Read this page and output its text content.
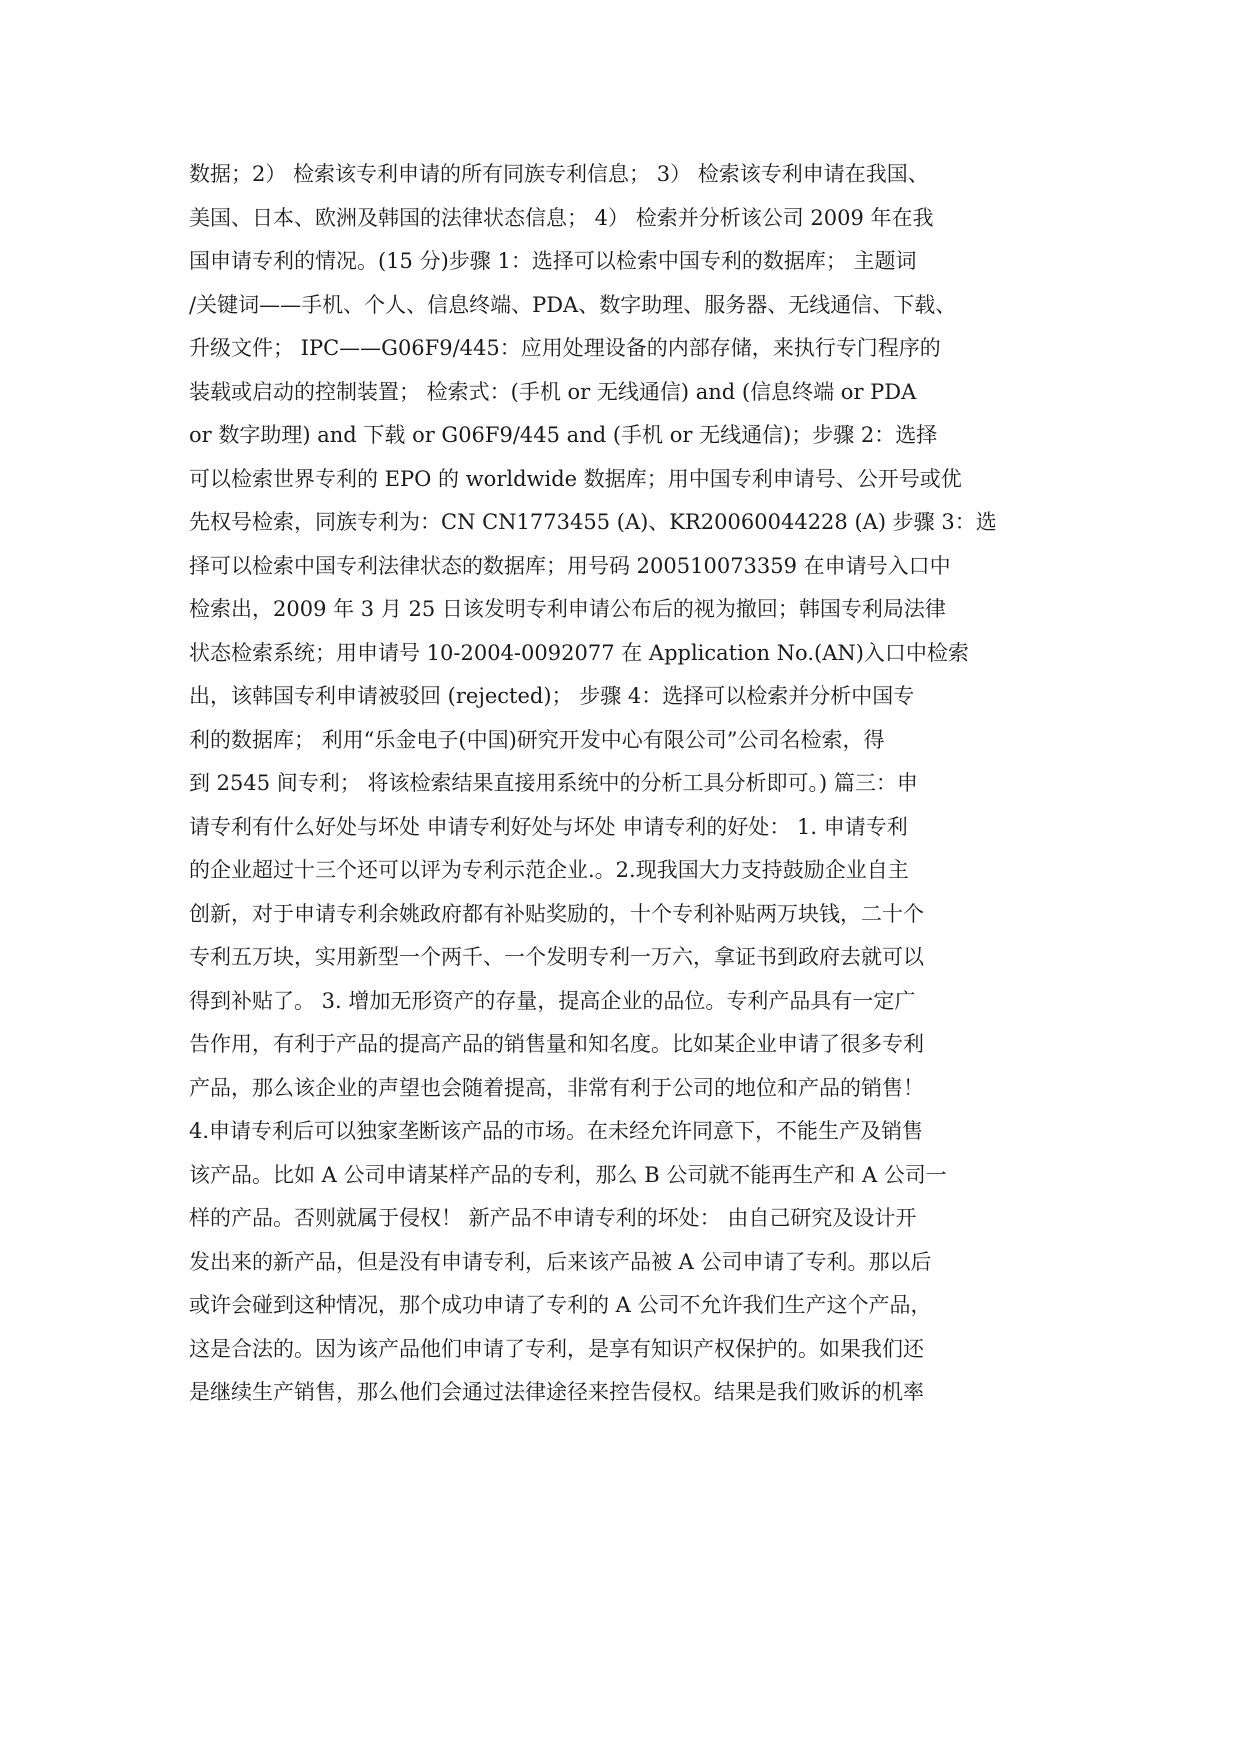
数据；2） 检索该专利申请的所有同族专利信息； 3） 检索该专利申请在我国、
美国、日本、欧洲及韩国的法律状态信息； 4） 检索并分析该公司 2009 年在我
国申请专利的情况。(15 分)步骤 1：选择可以检索中国专利的数据库； 主题词
/关键词——手机、个人、信息终端、PDA、数字助理、服务器、无线通信、下载、
升级文件； IPC——G06F9/445：应用处理设备的内部存储，来执行专门程序的
装载或启动的控制装置； 检索式：(手机 or 无线通信) and (信息终端 or PDA
or 数字助理) and 下载 or G06F9/445 and (手机 or 无线通信)；步骤 2：选择
可以检索世界专利的 EPO 的 worldwide 数据库；用中国专利申请号、公开号或优
先权号检索，同族专利为：CN CN1773455 (A)、KR20060044228 (A) 步骤 3：选
择可以检索中国专利法律状态的数据库；用号码 200510073359 在申请号入口中
检索出，2009 年 3 月 25 日该发明专利申请公布后的视为撤回；韩国专利局法律
状态检索系统；用申请号 10-2004-0092077 在 Application No.(AN)入口中检索
出，该韩国专利申请被驳回 (rejected)； 步骤 4：选择可以检索并分析中国专
利的数据库； 利用“乐金电子(中国)研究开发中心有限公司”公司名检索，得
到 2545 间专利； 将该检索结果直接用系统中的分析工具分析即可。) 篇三：申
请专利有什么好处与坏处 申请专利好处与坏处 申请专利的好处： 1. 申请专利
的企业超过十三个还可以评为专利示范企业.。2.现我国大力支持鼓励企业自主
创新，对于申请专利余姚政府都有补贴奖励的，十个专利补贴两万块钱，二十个
专利五万块，实用新型一个两千、一个发明专利一万六，拿证书到政府去就可以
得到补贴了。 3. 增加无形资产的存量，提高企业的品位。专利产品具有一定广
告作用，有利于产品的提高产品的销售量和知名度。比如某企业申请了很多专利
产品，那么该企业的声望也会随着提高，非常有利于公司的地位和产品的销售！
4.申请专利后可以独家垄断该产品的市场。在未经允许同意下，不能生产及销售
该产品。比如 A 公司申请某样产品的专利，那么 B 公司就不能再生产和 A 公司一
样的产品。否则就属于侵权！ 新产品不申请专利的坏处： 由自己研究及设计开
发出来的新产品，但是没有申请专利，后来该产品被 A 公司申请了专利。那以后
或许会碰到这种情况，那个成功申请了专利的 A 公司不允许我们生产这个产品，
这是合法的。因为该产品他们申请了专利，是享有知识产权保护的。如果我们还
是继续生产销售，那么他们会通过法律途径来控告侵权。结果是我们败诉的机率
